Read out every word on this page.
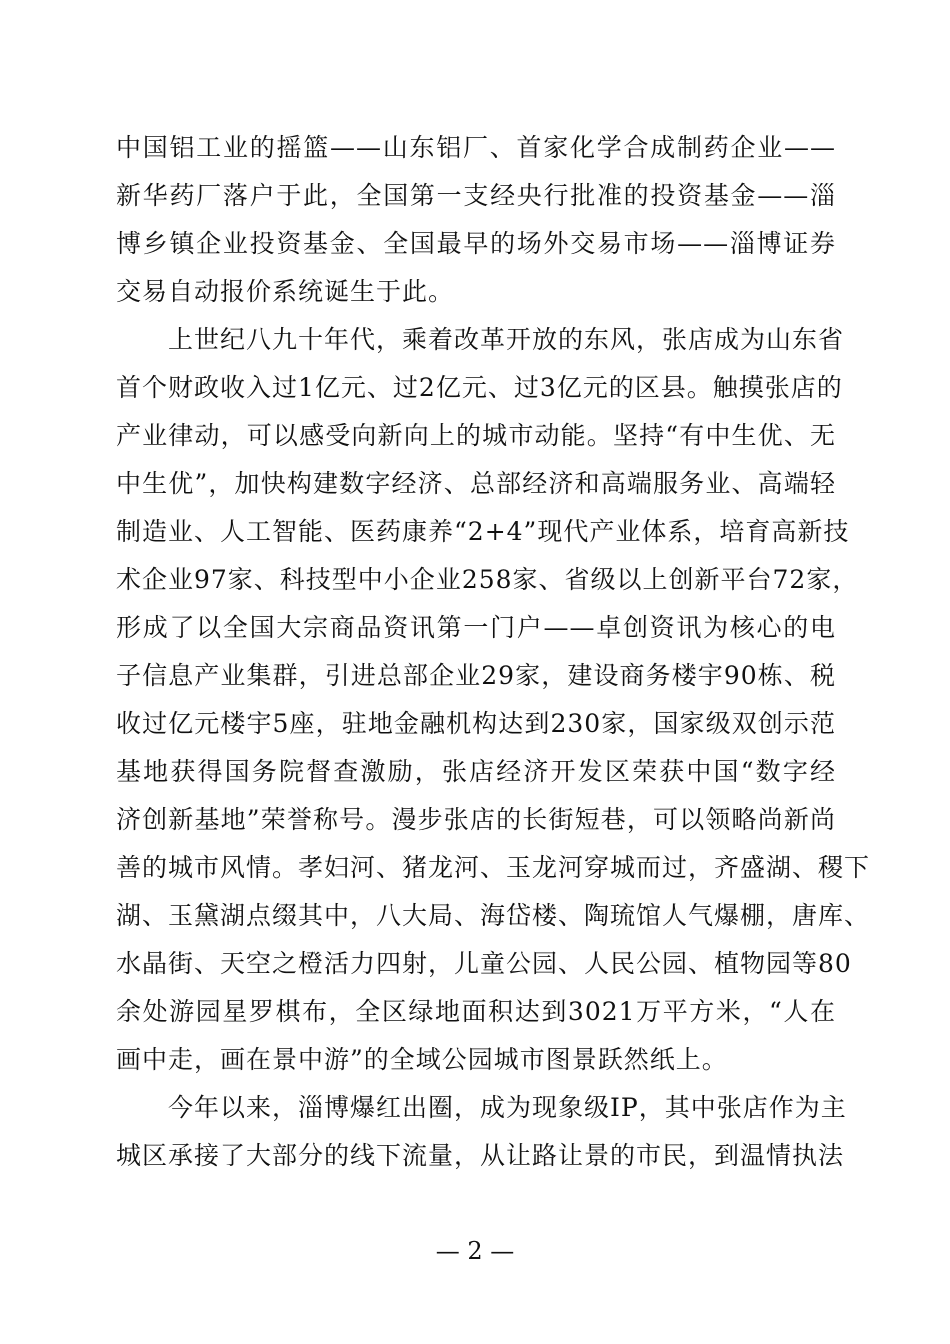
中国铝工业的摇篮——山东铝厂、首家化学合成制药企业——
新华药厂落户于此，全国第一支经央行批准的投资基金——淄
博乡镇企业投资基金、全国最早的场外交易市场——淄博证券
交易自动报价系统诞生于此。
上世纪八九十年代，乘着改革开放的东风，张店成为山东省
首个财政收入过1亿元、过2亿元、过3亿元的区县。触摸张店的
产业律动，可以感受向新向上的城市动能。坚持“有中生优、无
中生优”，加快构建数字经济、总部经济和高端服务业、高端轻
制造业、人工智能、医药康养“2+4”现代产业体系，培育高新技
术企业97家、科技型中小企业258家、省级以上创新平台72家，
形成了以全国大宗商品资讯第一门户——卓创资讯为核心的电
子信息产业集群，引进总部企业29家，建设商务楼宇90栋、税
收过亿元楼宇5座，驻地金融机构达到230家，国家级双创示范
基地获得国务院督查激励，张店经济开发区荣获中国“数字经
济创新基地”荣誉称号。漫步张店的长街短巷，可以领略尚新尚
善的城市风情。孝妇河、猪龙河、玉龙河穿城而过，齐盛湖、稷下
湖、玉黛湖点缀其中，八大局、海岱楼、陶琉馆人气爆棚，唐库、
水晶街、天空之橙活力四射，儿童公园、人民公园、植物园等80
余处游园星罗棋布，全区绿地面积达到3021万平方米，“人在
画中走，画在景中游”的全域公园城市图景跃然纸上。
今年以来，淄博爆红出圈，成为现象级IP，其中张店作为主
城区承接了大部分的线下流量，从让路让景的市民，到温情执法
— 2 —
